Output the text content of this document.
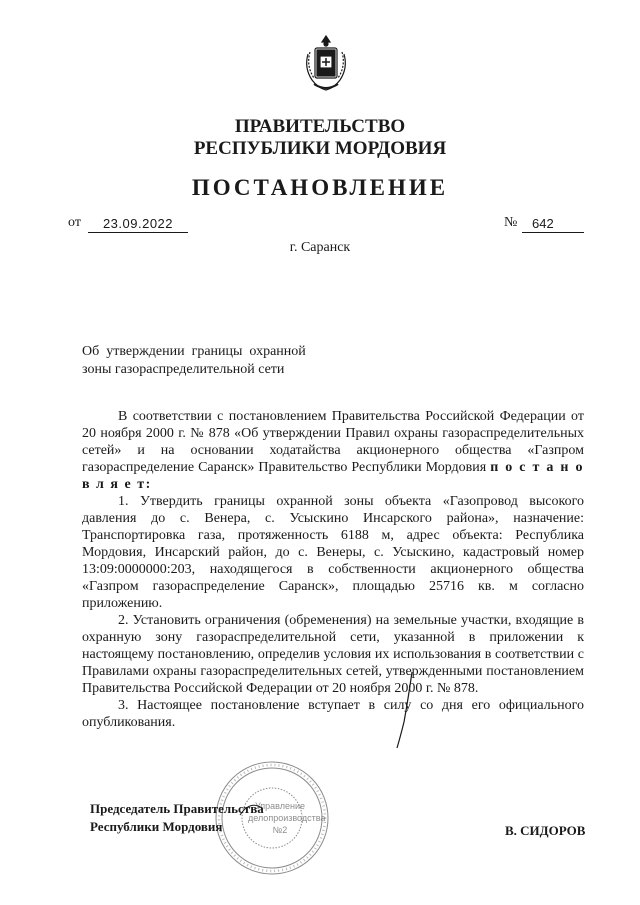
ПРАВИТЕЛЬСТВО
РЕСПУБЛИКИ МОРДОВИЯ
ПОСТАНОВЛЕНИЕ
от	23.09.2022	№	642
г. Саранск
Об  утверждении  границы  охранной
зоны газораспределительной сети

В соответствии с постановлением Правительства Российской Федерации от 20 ноября 2000 г. № 878 «Об утверждении Правил охраны газораспределительных сетей» и на основании ходатайства акционерного общества «Газпром газораспределение Саранск» Правительство Республики Мордовия п о с т а н о в л я е т:

1. Утвердить границы охранной зоны объекта «Газопровод высокого давления до с. Венера, с. Усыскино Инсарского района», назначение: Транспортировка газа, протяженность 6188 м, адрес объекта: Республика Мордовия, Инсарский район, до с. Венеры, с. Усыскино, кадастровый номер 13:09:0000000:203, находящегося в собственности акционерного общества «Газпром газораспределение Саранск», площадью 25716 кв. м согласно приложению.

2. Установить ограничения (обременения) на земельные участки, входящие в охранную зону газораспределительной сети, указанной в приложении к настоящему постановлению, определив условия их использования в соответствии с Правилами охраны газораспределительных сетей, утвержденными постановлением Правительства Российской Федерации от 20 ноября 2000 г. № 878.

3. Настоящее постановление вступает в силу со дня его официального опубликования.

Управление
делопроизводства
№2
Председатель Правительства
Республики Мордовия	В. СИДОРОВ
